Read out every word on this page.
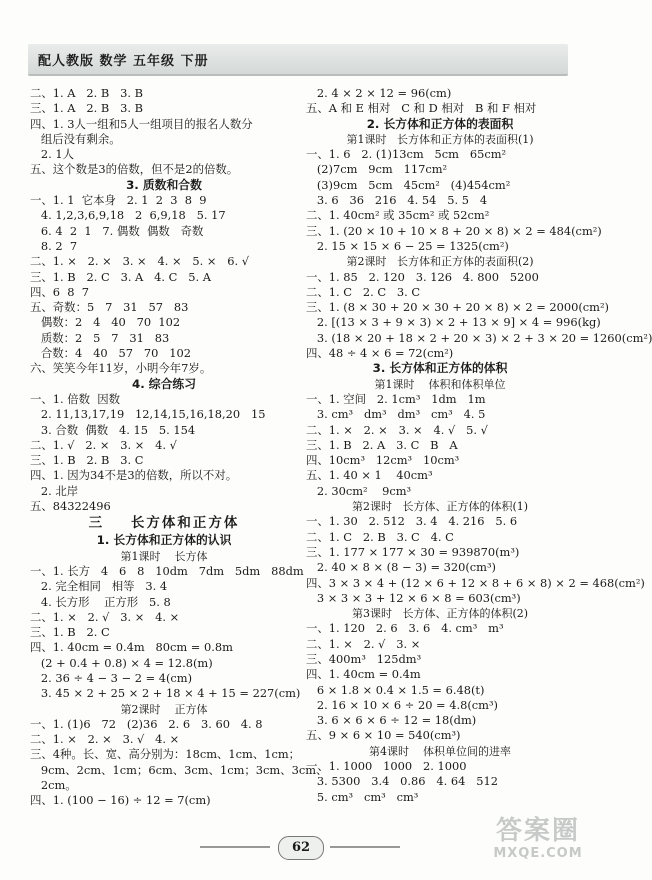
配人教版 数学 五年级 下册
二、1. A   2. B   3. B
三、1. A   2. B   3. B
四、1. 3人一组和5人一组项目的报名人数分
组后没有剩余。
2. 1人
五、这个数是3的倍数，但不是2的倍数。
3. 质数和合数
一、1. 1  它本身   2. 1  2  3  8  9
4. 1,2,3,6,9,18   2  6,9,18   5. 17
6. 4  2  1   7. 偶数  偶数   奇数
8. 2  7
二、1. ×   2. ×   3. ×   4. ×   5. ×   6. √
三、1. B   2. C   3. A   4. C   5. A
四、6  8  7
五、奇数：5   7   31   57   83
偶数：2   4   40   70  102
质数：2   5   7   31   83
合数：4   40   57   70   102
六、笑笑今年11岁，小明今年7岁。
4. 综合练习
一、1. 倍数  因数
2. 11,13,17,19   12,14,15,16,18,20   15
3. 合数  偶数   4. 15   5. 154
二、1. √   2. ×   3. ×   4. √
三、1. B   2. B   3. C
四、1. 因为34不是3的倍数，所以不对。
2. 北岸
五、84322496
三    长方体和正方体
1. 长方体和正方体的认识
第1课时    长方体
一、1. 长方   4   6   8   10dm   7dm   5dm   88dm
2. 完全相同   相等   3. 4
4. 长方形    正方形   5. 8
二、1. ×   2. √   3. ×   4. ×
三、1. B   2. C
四、1. 40cm = 0.4m   80cm = 0.8m
(2 + 0.4 + 0.8) × 4 = 12.8(m)
2. 36 ÷ 4 − 3 − 2 = 4(cm)
3. 45 × 2 + 25 × 2 + 18 × 4 + 15 = 227(cm)
第2课时    正方体
一、1. (1)6   72   (2)36   2. 6   3. 60   4. 8
二、1. ×   2. ×   3. √   4. ×
三、4种。长、宽、高分别为：18cm、1cm、1cm；
9cm、2cm、1cm；6cm、3cm、1cm；3cm、3cm、
2cm。
四、1. (100 − 16) ÷ 12 = 7(cm)
2. 4 × 2 × 12 = 96(cm)
五、A 和 E 相对   C 和 D 相对   B 和 F 相对
2. 长方体和正方体的表面积
第1课时   长方体和正方体的表面积(1)
一、1. 6   2. (1)13cm   5cm   65cm²
(2)7cm   9cm   117cm²
(3)9cm   5cm   45cm²   (4)454cm²
3. 6   36   216   4. 54   5. 5   4
二、1. 40cm² 或 35cm² 或 52cm²
三、1. (20 × 10 + 10 × 8 + 20 × 8) × 2 = 484(cm²)
2. 15 × 15 × 6 − 25 = 1325(cm²)
第2课时   长方体和正方体的表面积(2)
一、1. 85   2. 120   3. 126   4. 800   5200
二、1. C   2. C   3. C
三、1. (8 × 30 + 20 × 30 + 20 × 8) × 2 = 2000(cm²)
2. [(13 × 3 + 9 × 3) × 2 + 13 × 9] × 4 = 996(kg)
3. (18 × 20 + 18 × 2 + 20 × 3) × 2 + 3 × 20 = 1260(cm²)
四、48 ÷ 4 × 6 = 72(cm²)
3. 长方体和正方体的体积
第1课时    体积和体积单位
一、1. 空间   2. 1cm³   1dm   1m
3. cm³   dm³   dm³   cm³   4. 5
二、1. ×   2. ×   3. ×   4. √   5. √
三、1. B   2. A   3. C   B   A
四、10cm³   12cm³   10cm³
五、1. 40 × 1    40cm³
2. 30cm²    9cm³
第2课时   长方体、正方体的体积(1)
一、1. 30   2. 512   3. 4   4. 216   5. 6
二、1. C   2. B   3. C   4. C
三、1. 177 × 177 × 30 = 939870(m³)
2. 40 × 8 × (8 − 3) = 320(cm³)
四、3 × 3 × 4 + (12 × 6 + 12 × 8 + 6 × 8) × 2 = 468(cm²)
3 × 3 × 3 + 12 × 6 × 8 = 603(cm³)
第3课时   长方体、正方体的体积(2)
一、1. 120   2. 6   3. 6   4. cm³   m³
二、1. ×   2. √   3. ×
三、400m³   125dm³
四、1. 40cm = 0.4m
6 × 1.8 × 0.4 × 1.5 = 6.48(t)
2. 16 × 10 × 6 ÷ 20 = 4.8(cm³)
3. 6 × 6 × 6 ÷ 12 = 18(dm)
五、9 × 6 × 10 = 540(cm³)
第4课时    体积单位间的进率
一、1. 1000   1000   2. 1000
3. 5300   3.4   0.86   4. 64   512
5. cm³   cm³   cm³
62
答案圈
MXQE.COM
